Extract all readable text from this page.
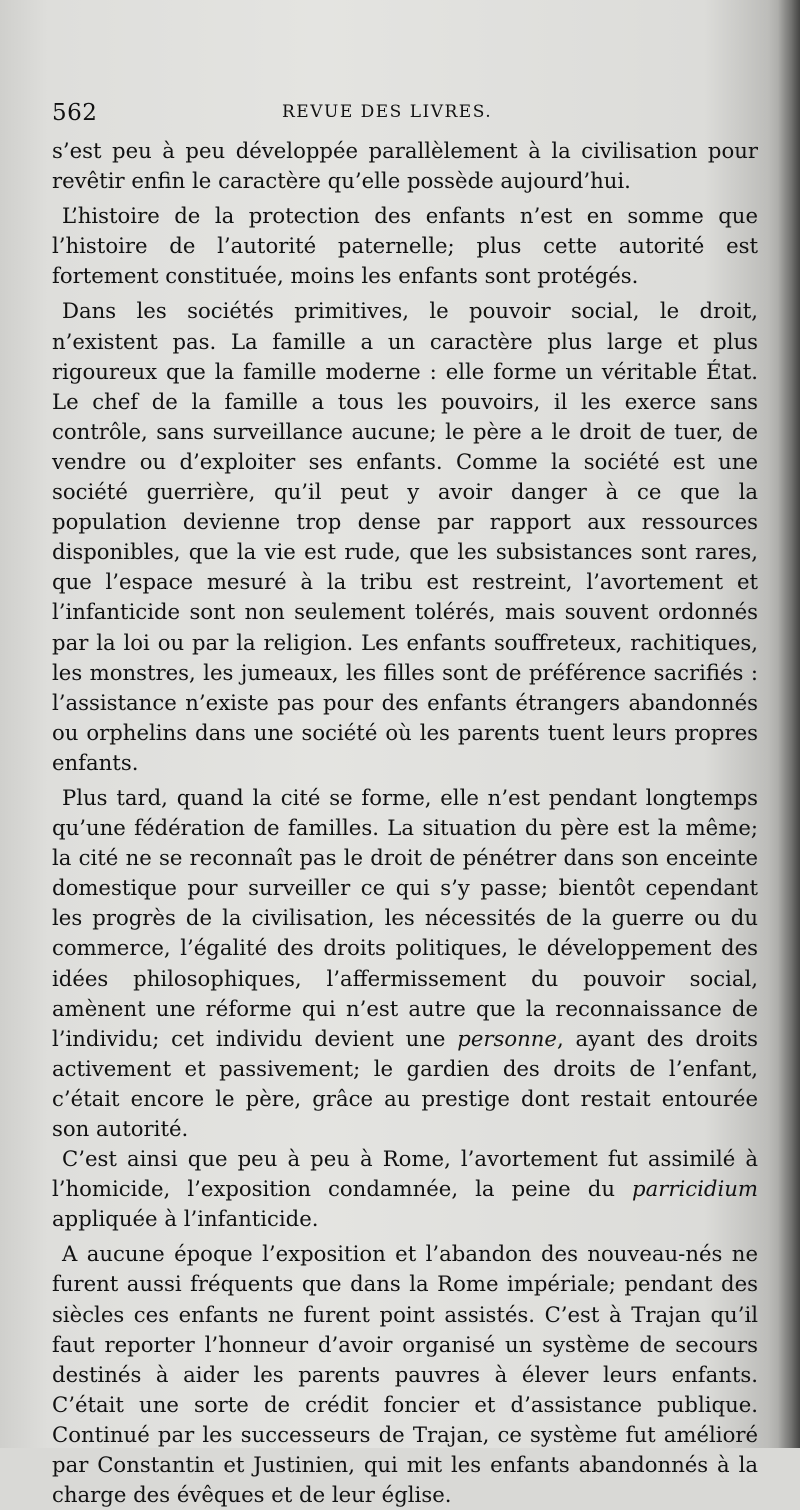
562	REVUE DES LIVRES.

s’est peu à peu développée parallèlement à la civilisation pour revêtir enfin le caractère qu’elle possède aujourd’hui.

L’histoire de la protection des enfants n’est en somme que l’histoire de l’autorité paternelle; plus cette autorité est fortement constituée, moins les enfants sont protégés.

Dans les sociétés primitives, le pouvoir social, le droit, n’existent pas. La famille a un caractère plus large et plus rigoureux que la famille moderne : elle forme un véritable État. Le chef de la famille a tous les pouvoirs, il les exerce sans contrôle, sans surveillance aucune; le père a le droit de tuer, de vendre ou d’exploiter ses enfants. Comme la société est une société guerrière, qu’il peut y avoir danger à ce que la population devienne trop dense par rapport aux ressources disponibles, que la vie est rude, que les subsistances sont rares, que l’espace mesuré à la tribu est restreint, l’avortement et l’infanticide sont non seulement tolérés, mais souvent ordonnés par la loi ou par la religion. Les enfants souffreteux, rachitiques, les monstres, les jumeaux, les filles sont de préférence sacrifiés : l’assistance n’existe pas pour des enfants étrangers abandonnés ou orphelins dans une société où les parents tuent leurs propres enfants.

Plus tard, quand la cité se forme, elle n’est pendant longtemps qu’une fédération de familles. La situation du père est la même; la cité ne se reconnaît pas le droit de pénétrer dans son enceinte domestique pour surveiller ce qui s’y passe; bientôt cependant les progrès de la civilisation, les nécessités de la guerre ou du commerce, l’égalité des droits politiques, le développement des idées philosophiques, l’affermissement du pouvoir social, amènent une réforme qui n’est autre que la reconnaissance de l’individu; cet individu devient une personne, ayant des droits activement et passivement; le gardien des droits de l’enfant, c’était encore le père, grâce au prestige dont restait entourée son autorité.

C’est ainsi que peu à peu à Rome, l’avortement fut assimilé à l’homicide, l’exposition condamnée, la peine du parricidium appliquée à l’infanticide.

A aucune époque l’exposition et l’abandon des nouveau-nés ne furent aussi fréquents que dans la Rome impériale; pendant des siècles ces enfants ne furent point assistés. C’est à Trajan qu’il faut reporter l’honneur d’avoir organisé un système de secours destinés à aider les parents pauvres à élever leurs enfants. C’était une sorte de crédit foncier et d’assistance publique. Continué par les successeurs de Trajan, ce système fut amélioré par Constantin et Justinien, qui mit les enfants abandonnés à la charge des évêques et de leur église.
